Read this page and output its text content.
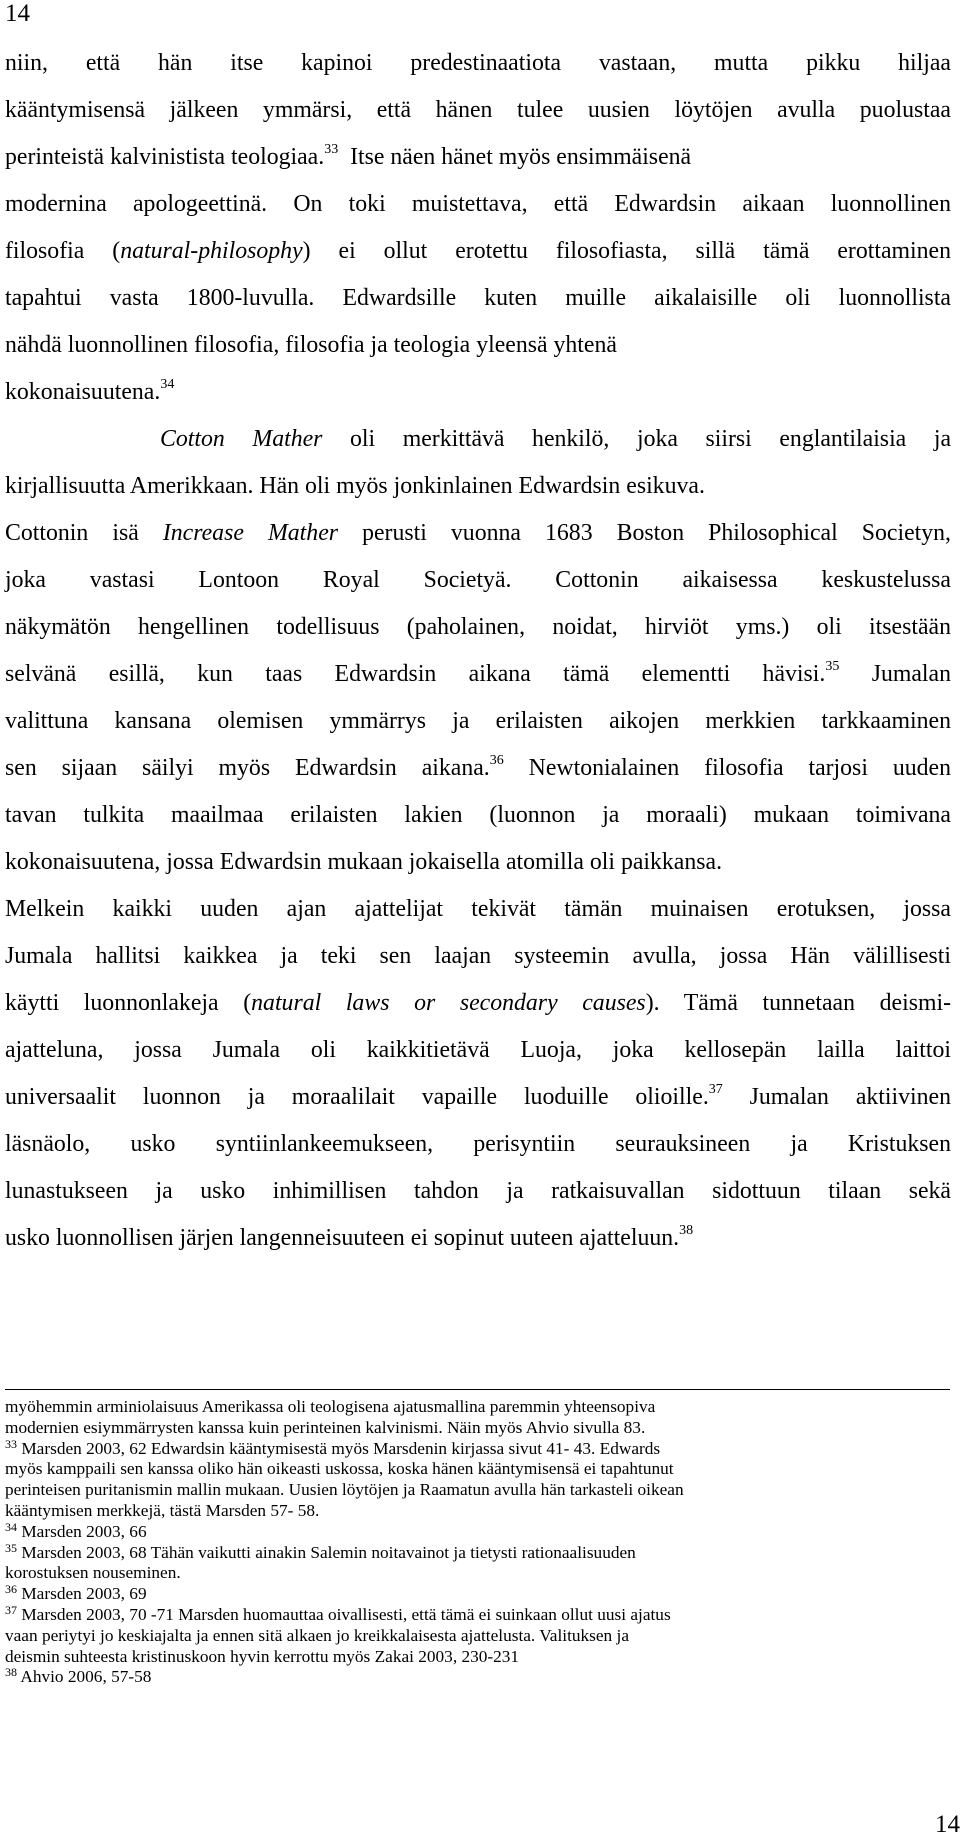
14
niin, että hän itse kapinoi predestinaatiota vastaan, mutta pikku hiljaa
kääntymisensä jälkeen ymmärsi, että hänen tulee uusien löytöjen avulla puolustaa
perinteistä kalvinistista teologiaa.$^{33}$  Itse näen hänet myös ensimmäisenä
modernina apologeettinä. On toki muistettava, että Edwardsin aikaan luonnollinen
filosofia (natural-philosophy) ei ollut erotettu filosofiasta, sillä tämä erottaminen
tapahtui vasta 1800-luvulla. Edwardsille kuten muille aikalaisille oli luonnollista
nähdä luonnollinen filosofia, filosofia ja teologia yleensä yhtenä
kokonaisuutena.$^{34}$
Cotton Mather oli merkittävä henkilö, joka siirsi englantilaisia ja
kirjallisuutta Amerikkaan. Hän oli myös jonkinlainen Edwardsin esikuva.
Cottonin isä Increase Mather perusti vuonna 1683 Boston Philosophical Societyn,
joka vastasi Lontoon Royal Societyä. Cottonin aikaisessa keskustelussa
näkymätön hengellinen todellisuus (paholainen, noidat, hirviöt yms.) oli itsestään
selvänä esillä, kun taas Edwardsin aikana tämä elementti hävisi.$^{35}$ Jumalan
valittuna kansana olemisen ymmärrys ja erilaisten aikojen merkkien tarkkaaminen
sen sijaan säilyi myös Edwardsin aikana.$^{36}$ Newtonialainen filosofia tarjosi uuden
tavan tulkita maailmaa erilaisten lakien (luonnon ja moraali) mukaan toimivana
kokonaisuutena, jossa Edwardsin mukaan jokaisella atomilla oli paikkansa.
Melkein kaikki uuden ajan ajattelijat tekivät tämän muinaisen erotuksen, jossa
Jumala hallitsi kaikkea ja teki sen laajan systeemin avulla, jossa Hän välillisesti
käytti luonnonlakeja (natural laws or secondary causes). Tämä tunnetaan deismi-
ajatteluna, jossa Jumala oli kaikkitietävä Luoja, joka kellosepän lailla laittoi
universaalit luonnon ja moraalilait vapaille luoduille olioille.$^{37}$ Jumalan aktiivinen
läsnäolo, usko syntiinlankeemukseen, perisyntiin seurauksineen ja Kristuksen
lunastukseen ja usko inhimillisen tahdon ja ratkaisuvallan sidottuun tilaan sekä
usko luonnollisen järjen langenneisuuteen ei sopinut uuteen ajatteluun.$^{38}$
myöhemmin arminiolaisuus Amerikassa oli teologisena ajatusmallina paremmin yhteensopiva
modernien esiymmärrysten kanssa kuin perinteinen kalvinismi. Näin myös Ahvio sivulla 83.
$^{33}$ Marsden 2003, 62 Edwardsin kääntymisestä myös Marsdenin kirjassa sivut 41- 43. Edwards
myös kamppaili sen kanssa oliko hän oikeasti uskossa, koska hänen kääntymisensä ei tapahtunut
perinteisen puritanismin mallin mukaan. Uusien löytöjen ja Raamatun avulla hän tarkasteli oikean
kääntymisen merkkejä, tästä Marsden 57- 58.
$^{34}$ Marsden 2003, 66
$^{35}$ Marsden 2003, 68 Tähän vaikutti ainakin Salemin noitavainot ja tietysti rationaalisuuden
korostuksen nouseminen.
$^{36}$ Marsden 2003, 69
$^{37}$ Marsden 2003, 70 -71 Marsden huomauttaa oivallisesti, että tämä ei suinkaan ollut uusi ajatus
vaan periytyi jo keskiajalta ja ennen sitä alkaen jo kreikkalaisesta ajattelusta. Valituksen ja
deismin suhteesta kristinuskoon hyvin kerrottu myös Zakai 2003, 230-231
$^{38}$ Ahvio 2006, 57-58
14
